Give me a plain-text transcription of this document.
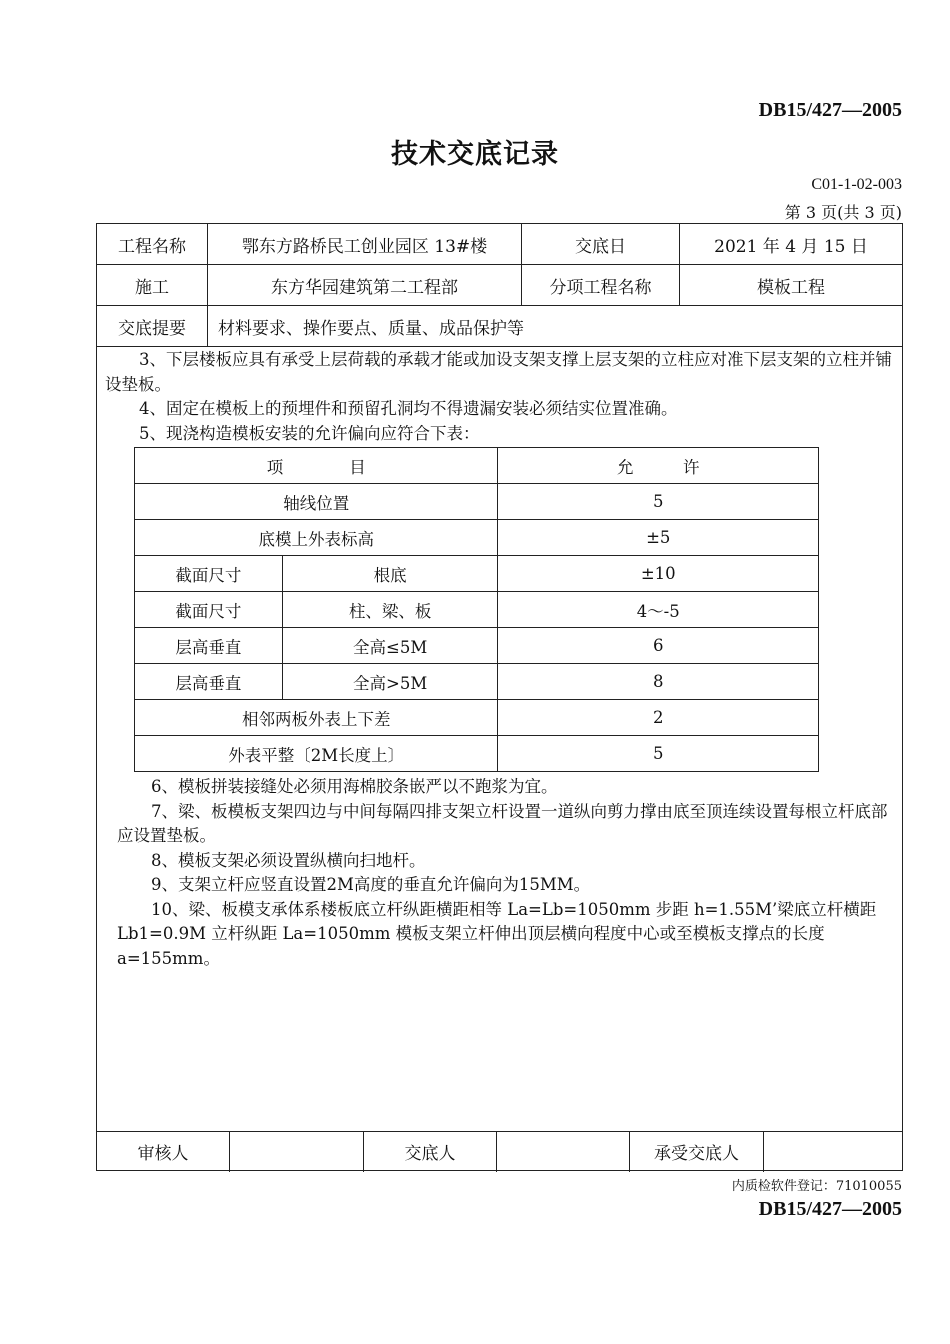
DB15/427—2005
技术交底记录
C01-1-02-003
第 3 页(共 3 页)
工程名称	鄂东方路桥民工创业园区 13#楼	交底日	2021 年 4 月 15 日
施工	东方华园建筑第二工程部	分项工程名称	模板工程
交底提要	材料要求、操作要点、质量、成品保护等

3、下层楼板应具有承受上层荷载的承载才能或加设支架支撑上层支架的立柱应对准下层支架的立柱并铺设垫板。

4、固定在模板上的预埋件和预留孔洞均不得遗漏安装必须结实位置准确。

5、现浇构造模板安装的允许偏向应符合下表：

项　　　　目		允　　　许
轴线位置		5
底模上外表标高		±5
截面尺寸	根底	±10
截面尺寸	柱、梁、板	4～-5
层高垂直	全高≤5M	6
层高垂直	全高>5M	8
相邻两板外表上下差		2
外表平整〔2M长度上〕		5

6、模板拼装接缝处必须用海棉胶条嵌严以不跑浆为宜。

7、梁、板模板支架四边与中间每隔四排支架立杆设置一道纵向剪力撑由底至顶连续设置每根立杆底部应设置垫板。

8、模板支架必须设置纵横向扫地杆。

9、支架立杆应竖直设置2M高度的垂直允许偏向为15MM。

10、梁、板模支承体系楼板底立杆纵距横距相等 La=Lb=1050mm 步距 h=1.55M’梁底立杆横距 Lb1=0.9M 立杆纵距 La=1050mm 模板支架立杆伸出顶层横向程度中心或至模板支撑点的长度 a=155mm。

审核人	交底人	承受交底人
内质检软件登记：71010055
DB15/427—2005
